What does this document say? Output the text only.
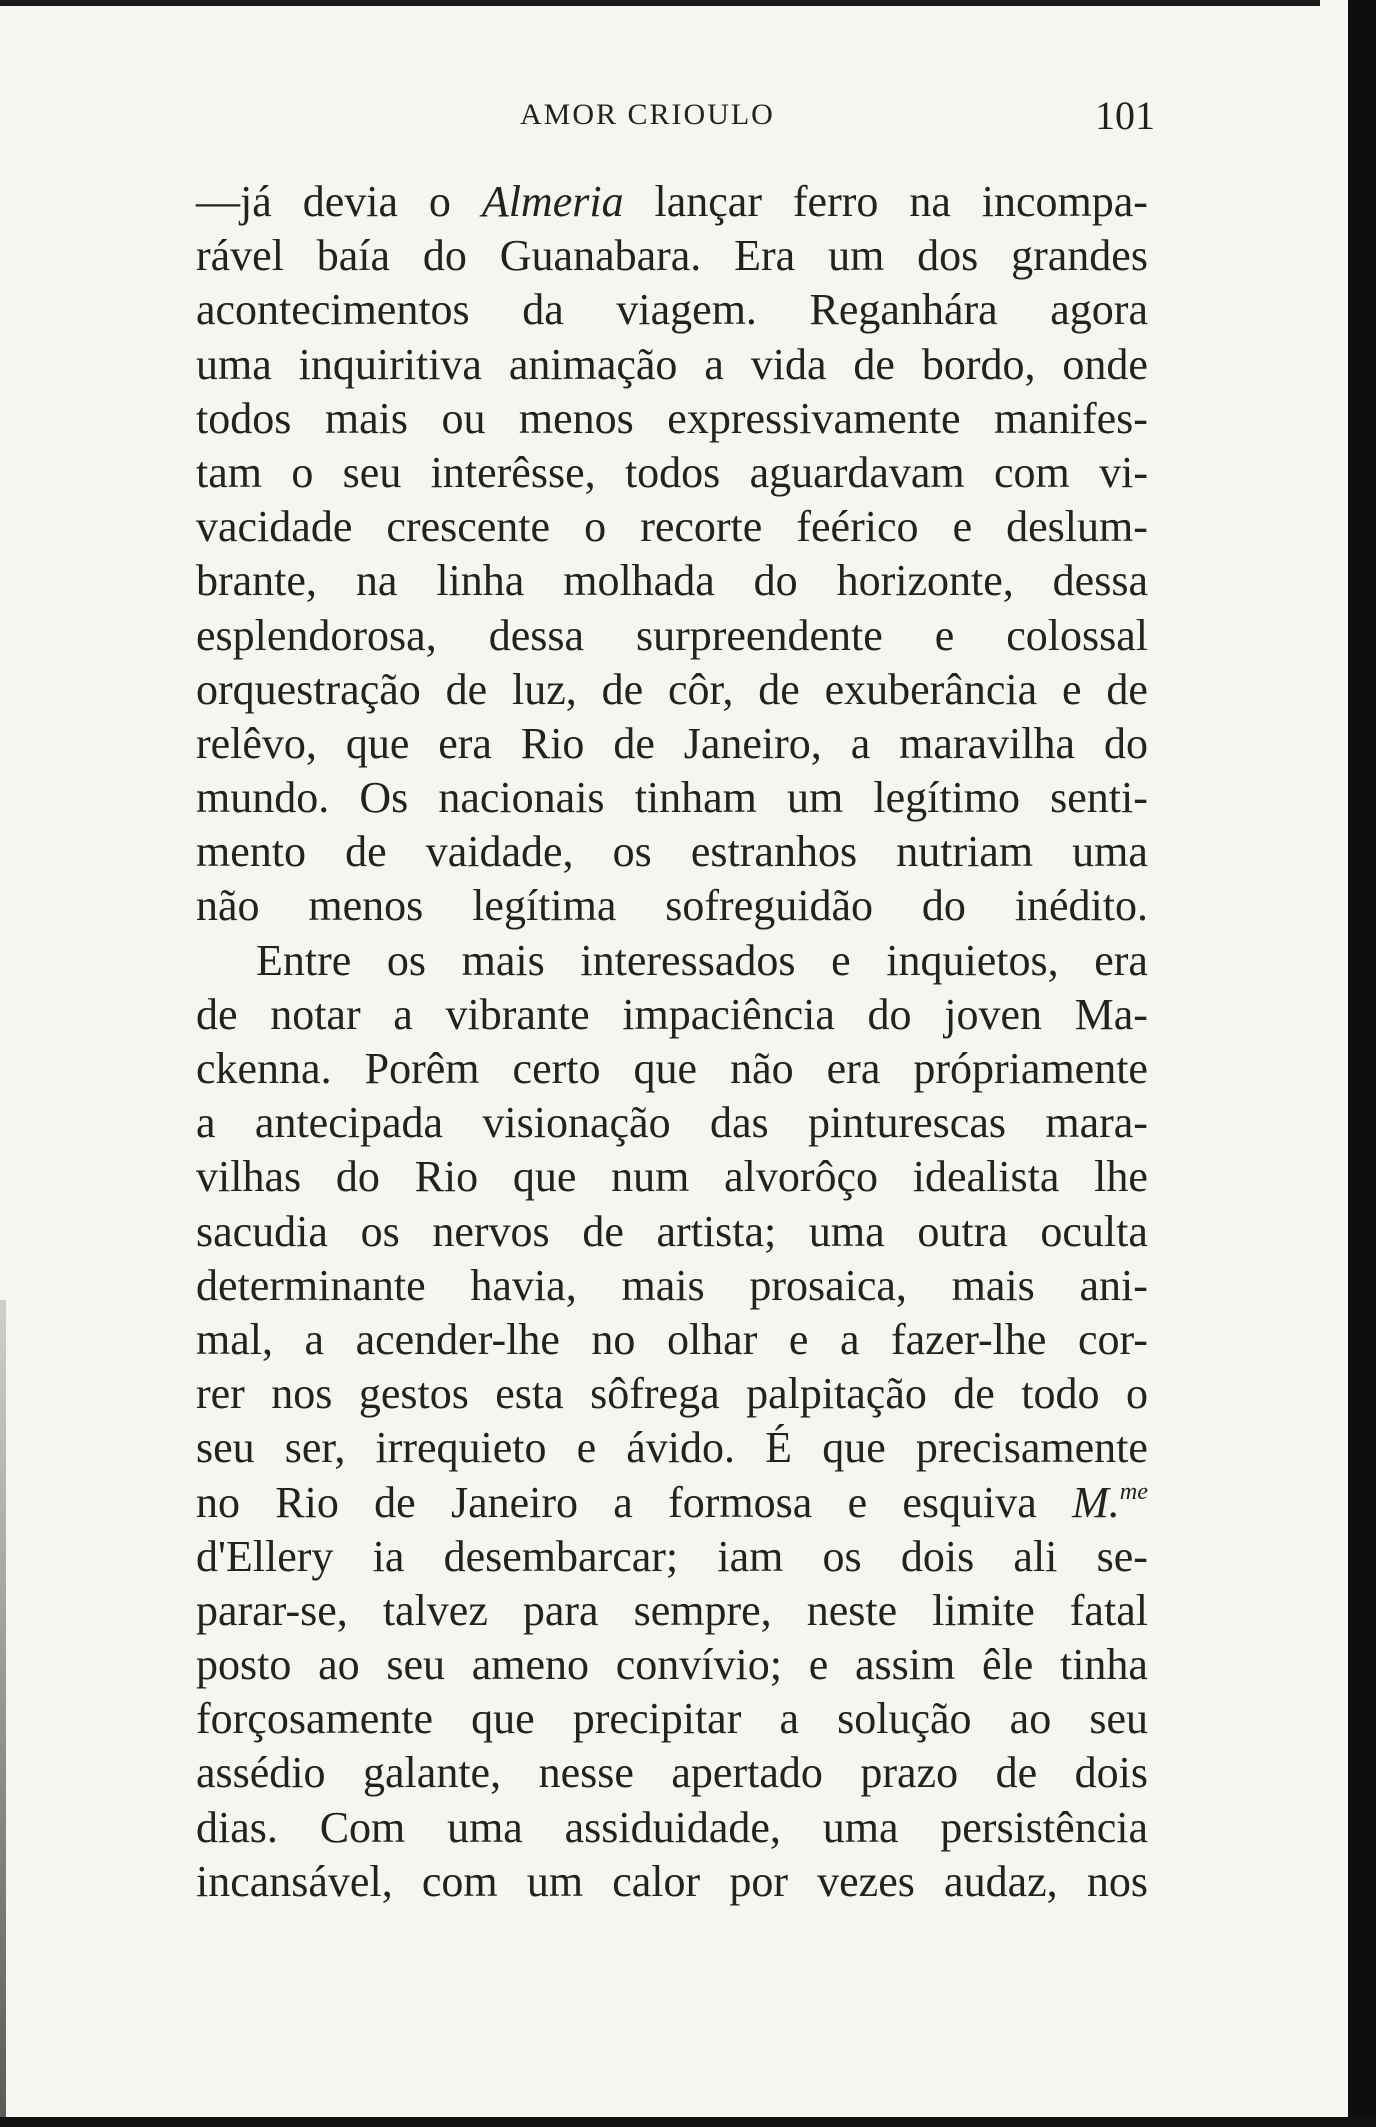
AMOR CRIOULO	101
—já devia o Almeria lançar ferro na incompa-
rável baía do Guanabara. Era um dos grandes
acontecimentos da viagem. Reganhára agora
uma inquiritiva animação a vida de bordo, onde
todos mais ou menos expressivamente manifes-
tam o seu interêsse, todos aguardavam com vi-
vacidade crescente o recorte feérico e deslum-
brante, na linha molhada do horizonte, dessa
esplendorosa, dessa surpreendente e colossal
orquestração de luz, de côr, de exuberância e de
relêvo, que era Rio de Janeiro, a maravilha do
mundo. Os nacionais tinham um legítimo senti-
mento de vaidade, os estranhos nutriam uma
não menos legítima sofreguidão do inédito.
Entre os mais interessados e inquietos, era
de notar a vibrante impaciência do joven Ma-
ckenna. Porêm certo que não era própriamente
a antecipada visionação das pinturescas mara-
vilhas do Rio que num alvorôço idealista lhe
sacudia os nervos de artista; uma outra oculta
determinante havia, mais prosaica, mais ani-
mal, a acender-lhe no olhar e a fazer-lhe cor-
rer nos gestos esta sôfrega palpitação de todo o
seu ser, irrequieto e ávido. É que precisamente
no Rio de Janeiro a formosa e esquiva M.$^{me}$
d'Ellery ia desembarcar; iam os dois ali se-
parar-se, talvez para sempre, neste limite fatal
posto ao seu ameno convívio; e assim êle tinha
forçosamente que precipitar a solução ao seu
assédio galante, nesse apertado prazo de dois
dias. Com uma assiduidade, uma persistência
incansável, com um calor por vezes audaz, nos
